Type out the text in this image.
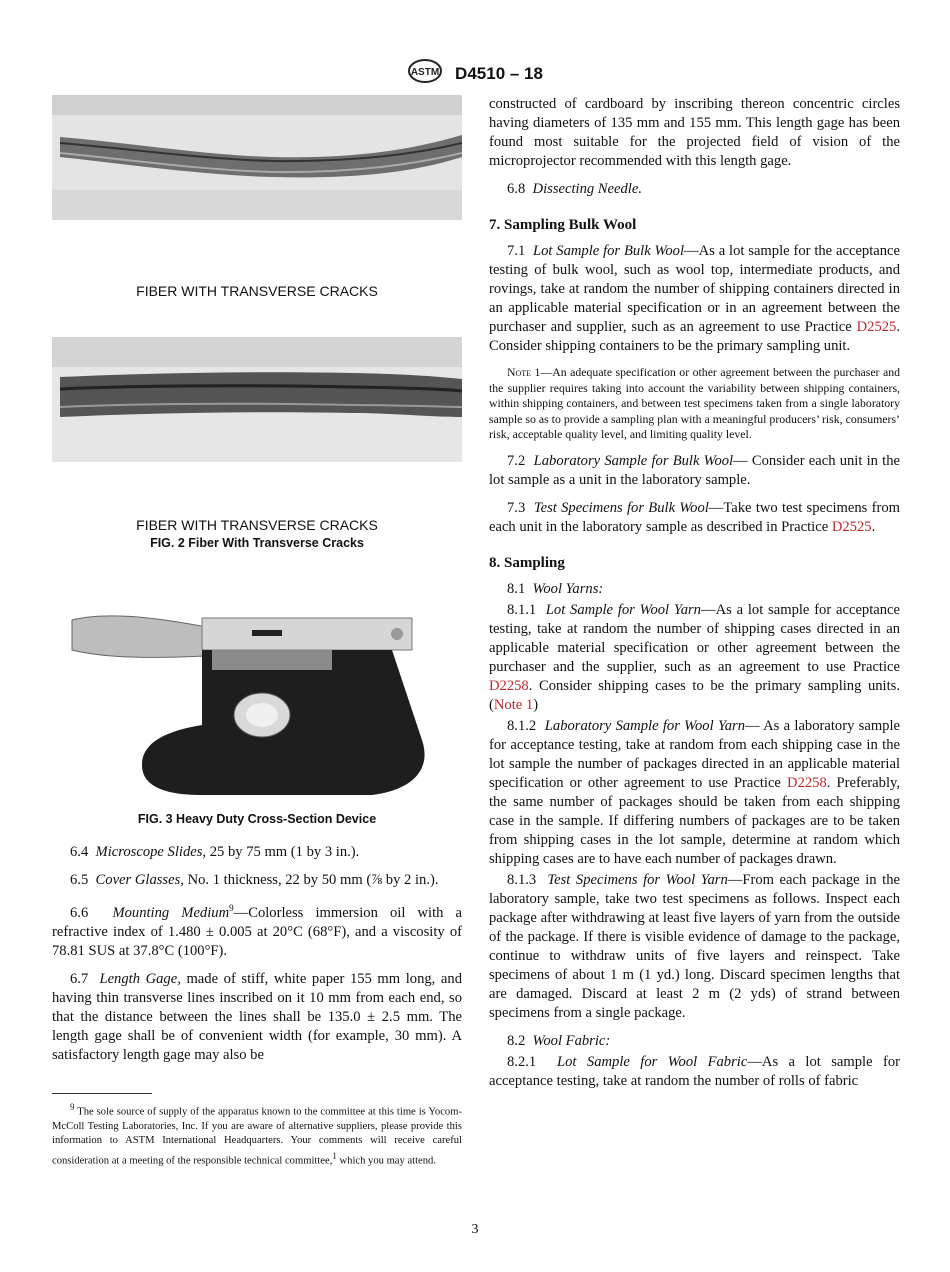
ASTM D4510 – 18
FIBER WITH TRANSVERSE CRACKS
FIBER WITH TRANSVERSE CRACKS
FIG. 2 Fiber With Transverse Cracks
FIG. 3 Heavy Duty Cross-Section Device

6.4 Microscope Slides, 25 by 75 mm (1 by 3 in.).

6.5 Cover Glasses, No. 1 thickness, 22 by 50 mm (⅞ by 2 in.).

6.6 Mounting Medium$^9$—Colorless immersion oil with a refractive index of 1.480 ± 0.005 at 20°C (68°F), and a viscosity of 78.81 SUS at 37.8°C (100°F).

6.7 Length Gage, made of stiff, white paper 155 mm long, and having thin transverse lines inscribed on it 10 mm from each end, so that the distance between the lines shall be 135.0 ± 2.5 mm. The length gage shall be of convenient width (for example, 30 mm). A satisfactory length gage may also be

$^9$ The sole source of supply of the apparatus known to the committee at this time is Yocom-McColl Testing Laboratories, Inc. If you are aware of alternative suppliers, please provide this information to ASTM International Headquarters. Your comments will receive careful consideration at a meeting of the responsible technical committee,$^1$ which you may attend.

constructed of cardboard by inscribing thereon concentric circles having diameters of 135 mm and 155 mm. This length gage has been found most suitable for the projected field of vision of the microprojector recommended with this length gage.

6.8 Dissecting Needle.

7. Sampling Bulk Wool

7.1 Lot Sample for Bulk Wool—As a lot sample for the acceptance testing of bulk wool, such as wool top, intermediate products, and rovings, take at random the number of shipping containers directed in an applicable material specification or in an agreement between the purchaser and supplier, such as an agreement to use Practice D2525. Consider shipping containers to be the primary sampling unit.

Note 1—An adequate specification or other agreement between the purchaser and the supplier requires taking into account the variability between shipping containers, within shipping containers, and between test specimens taken from a single laboratory sample so as to provide a sampling plan with a meaningful producers’ risk, consumers’ risk, acceptable quality level, and limiting quality level.

7.2 Laboratory Sample for Bulk Wool— Consider each unit in the lot sample as a unit in the laboratory sample.

7.3 Test Specimens for Bulk Wool—Take two test specimens from each unit in the laboratory sample as described in Practice D2525.

8. Sampling

8.1 Wool Yarns:

8.1.1 Lot Sample for Wool Yarn—As a lot sample for acceptance testing, take at random the number of shipping cases directed in an applicable material specification or other agreement between the purchaser and the supplier, such as an agreement to use Practice D2258. Consider shipping cases to be the primary sampling units. (Note 1)

8.1.2 Laboratory Sample for Wool Yarn— As a laboratory sample for acceptance testing, take at random from each shipping case in the lot sample the number of packages directed in an applicable material specification or other agreement to use Practice D2258. Preferably, the same number of packages should be taken from each shipping case in the sample. If differing numbers of packages are to be taken from shipping cases in the lot sample, determine at random which shipping cases are to have each number of packages drawn.

8.1.3 Test Specimens for Wool Yarn—From each package in the laboratory sample, take two test specimens as follows. Inspect each package after withdrawing at least five layers of yarn from the outside of the package. If there is visible evidence of damage to the package, continue to withdraw units of five layers and reinspect. Take specimens of about 1 m (1 yd.) long. Discard specimen lengths that are damaged. Discard at least 2 m (2 yds) of strand between specimens from a single package.

8.2 Wool Fabric:

8.2.1 Lot Sample for Wool Fabric—As a lot sample for acceptance testing, take at random the number of rolls of fabric

3
